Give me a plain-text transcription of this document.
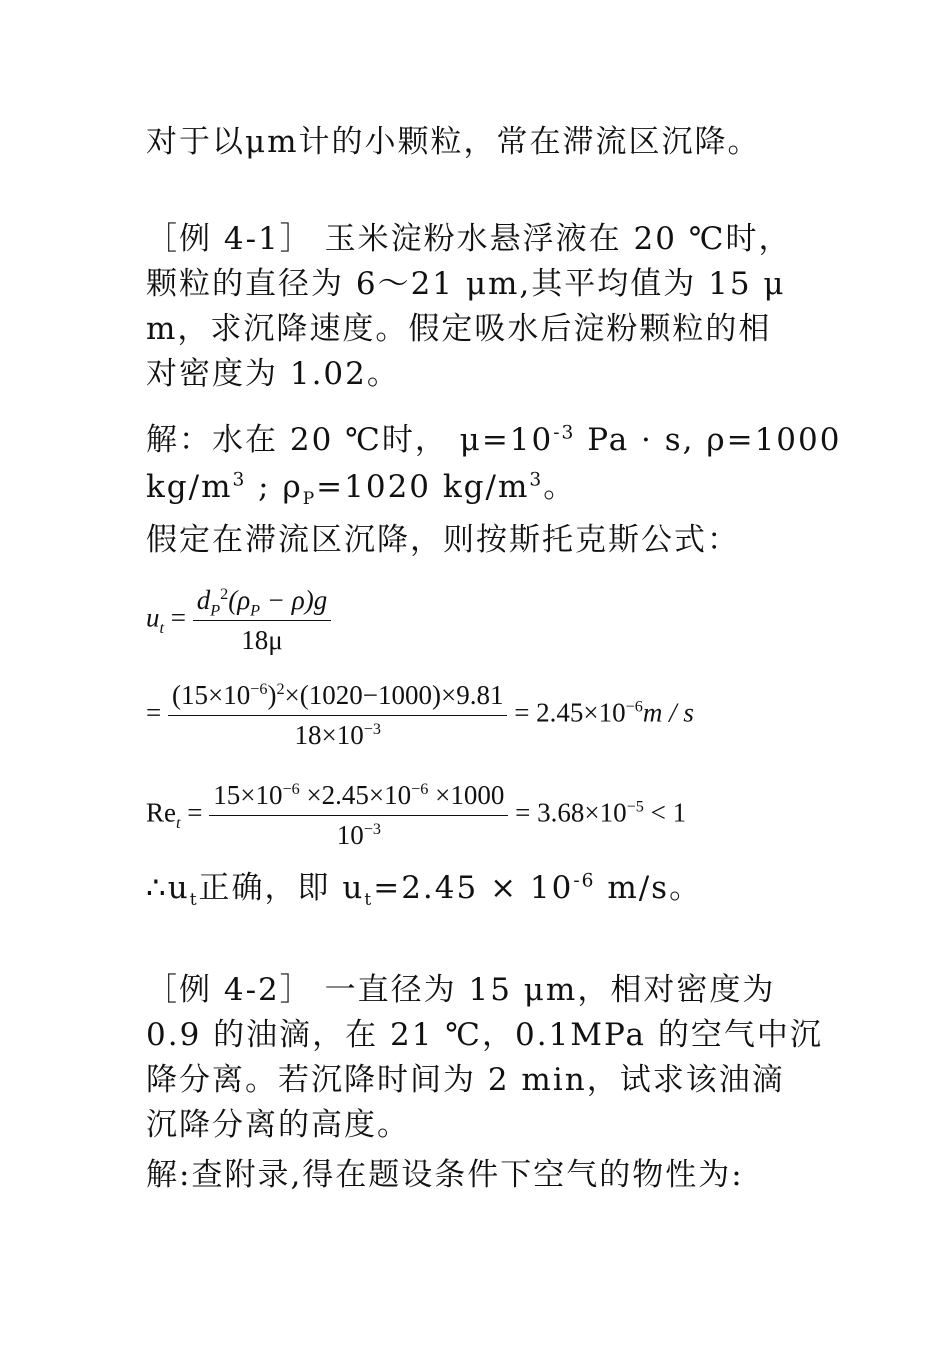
对于以μm计的小颗粒，常在滞流区沉降。
［例 4-1］ 玉米淀粉水悬浮液在 20 ℃时，
颗粒的直径为 6～21 μm,其平均值为 15 μ
m，求沉降速度。假定吸水后淀粉颗粒的相
对密度为 1.02。
解：水在 20 ℃时， $\mu=10^{-3}$ Pa · s, ρ=1000
$kg/m^3$ ; $\rho_P=1020$ $kg/m^3$。
假定在滞流区沉降，则按斯托克斯公式：
$u_t = \frac{d_P^2(\rho_P - \rho)g}{18\mu}$
= $\frac{(15\times 10^{-6})^2\times(1020-1000)\times 9.81}{18\times 10^{-3}} = 2.45\times 10^{-6}m / s$
$Re_t = \frac{15\times 10^{-6} \times 2.45\times 10^{-6} \times 1000}{10^{-3}} = 3.68\times 10^{-5} < 1$
$\therefore u_t$正确，即 $u_t=2.45 \times 10^{-6}$ m/s。
［例 4-2］ 一直径为 15 μm，相对密度为
0.9 的油滴，在 21 ℃，0.1MPa 的空气中沉
降分离。若沉降时间为 2 min，试求该油滴
沉降分离的高度。
解:查附录,得在题设条件下空气的物性为:
